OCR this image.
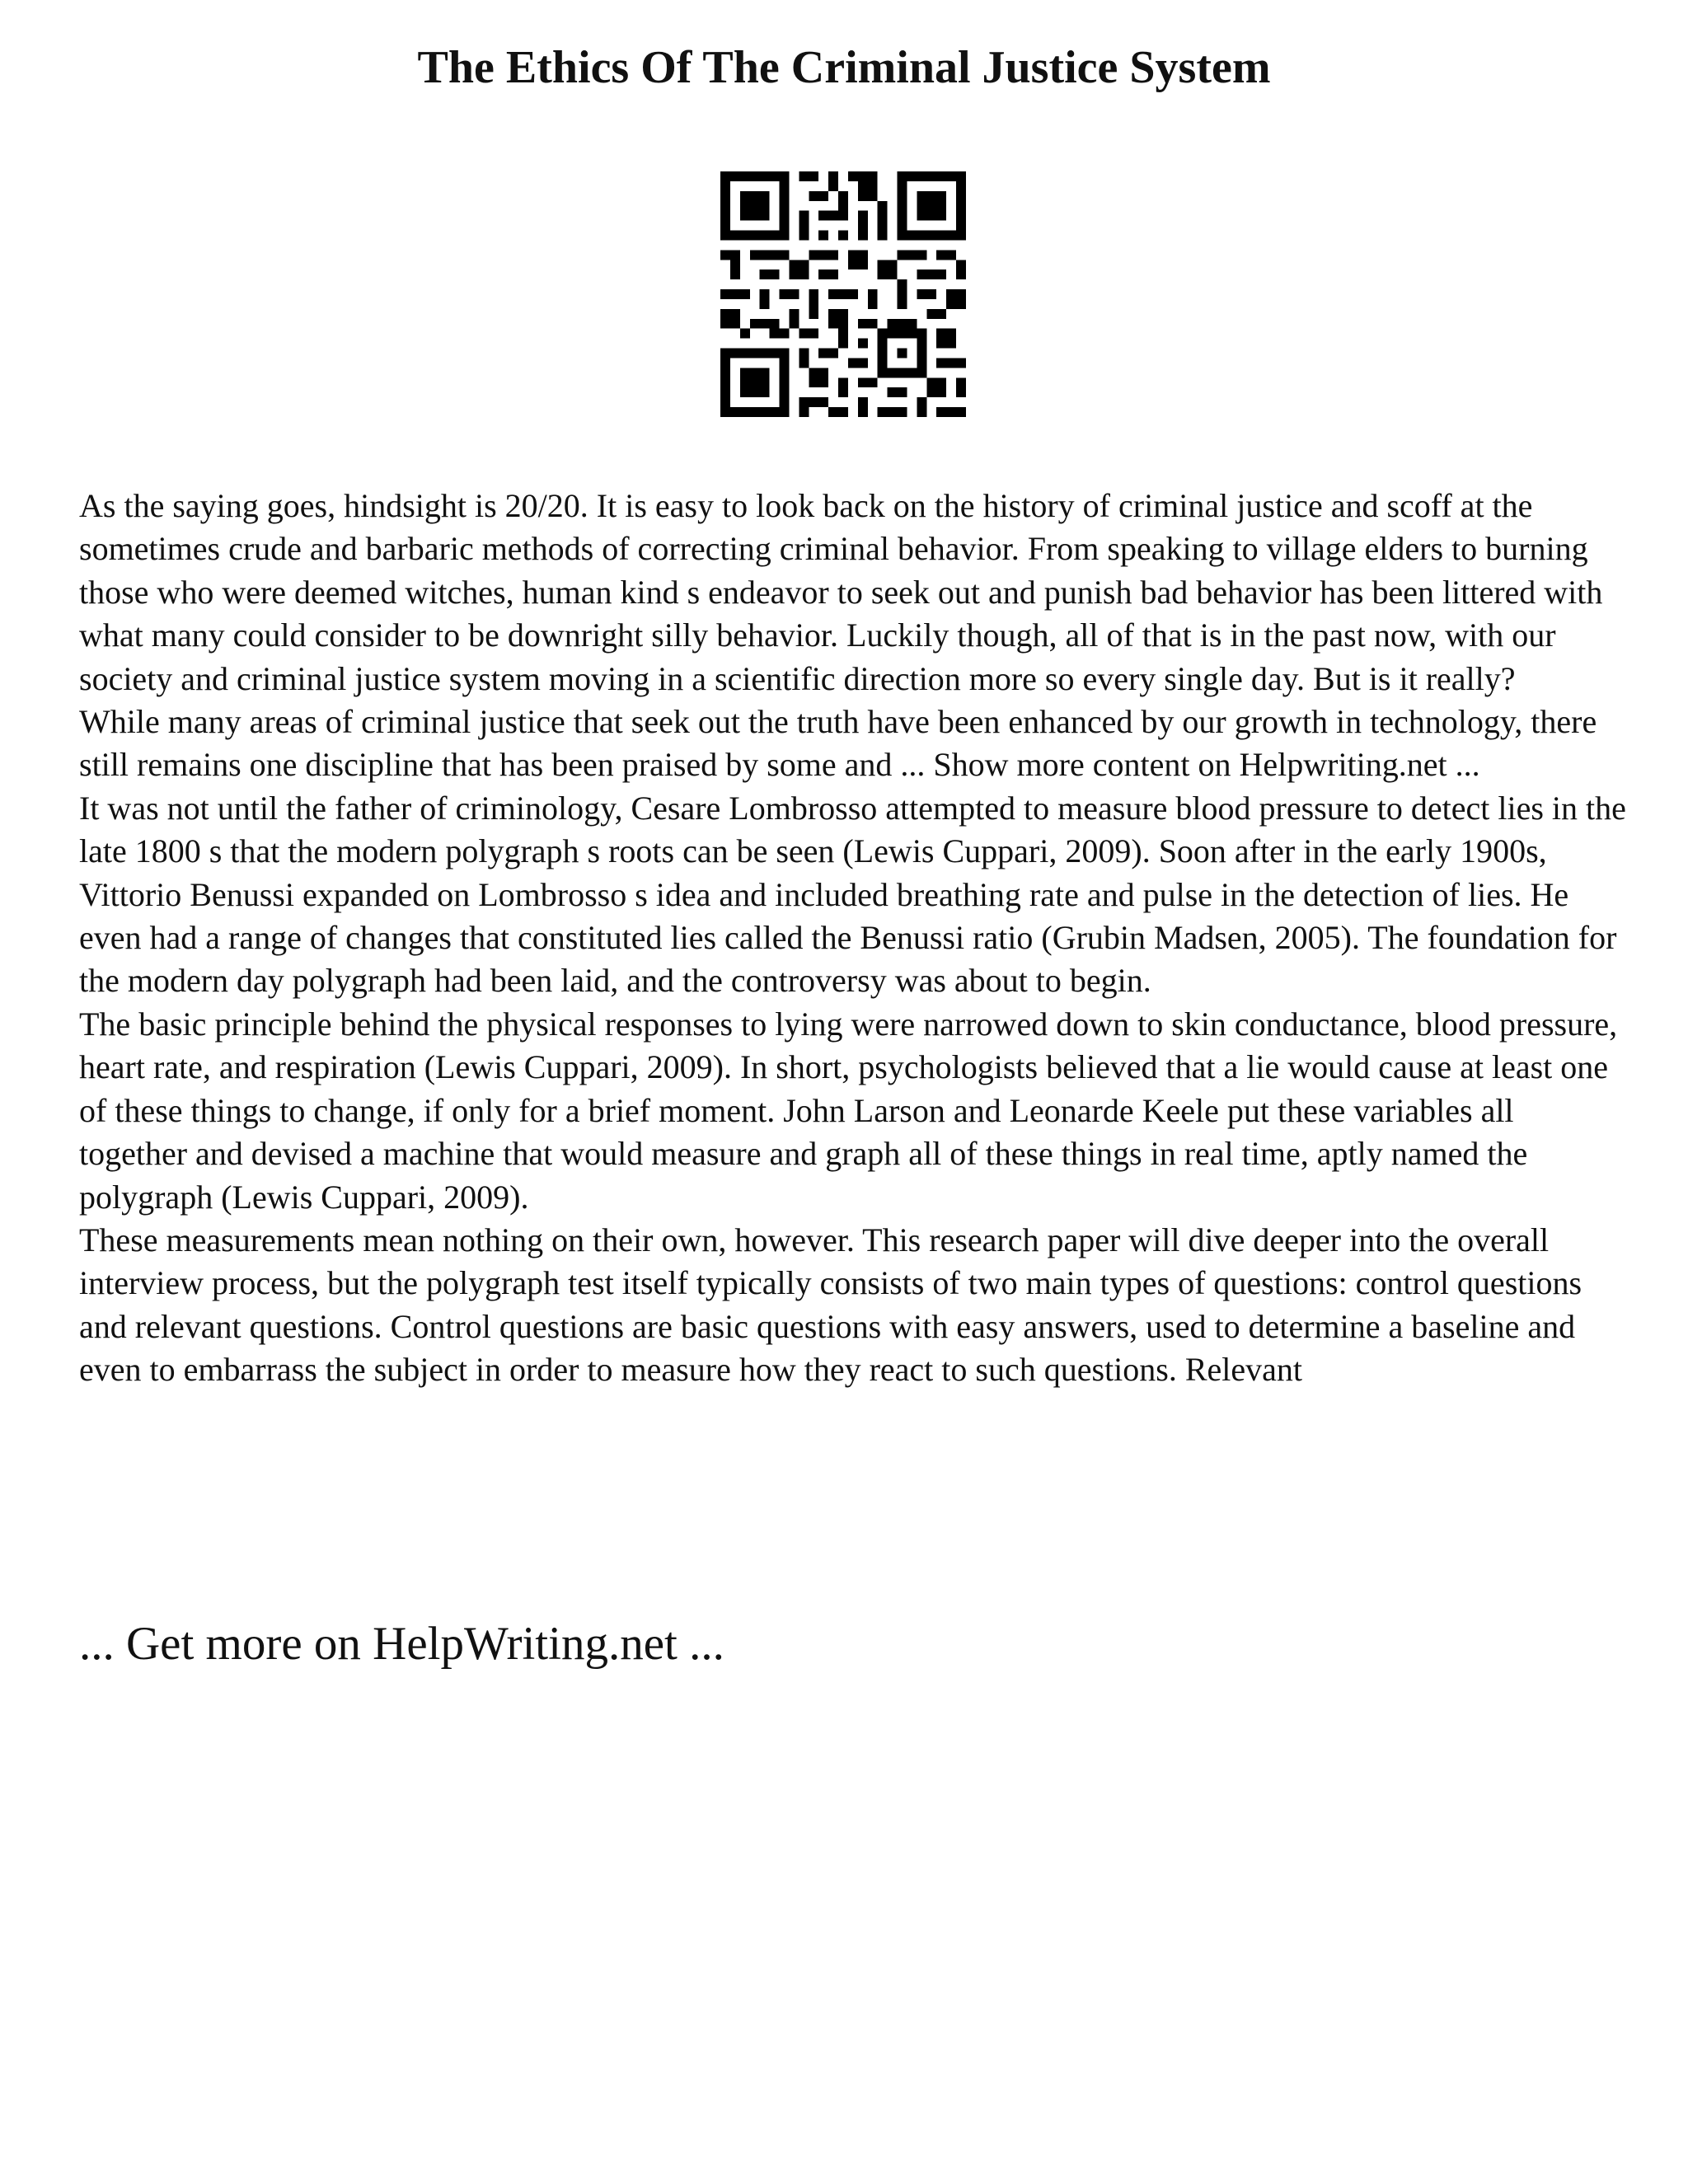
The Ethics Of The Criminal Justice System

As the saying goes, hindsight is 20/20. It is easy to look back on the history of criminal justice and scoff at the sometimes crude and barbaric methods of correcting criminal behavior. From speaking to village elders to burning those who were deemed witches, human kind s endeavor to seek out and punish bad behavior has been littered with what many could consider to be downright silly behavior. Luckily though, all of that is in the past now, with our society and criminal justice system moving in a scientific direction more so every single day. But is it really?

While many areas of criminal justice that seek out the truth have been enhanced by our growth in technology, there still remains one discipline that has been praised by some and ... Show more content on Helpwriting.net ...

It was not until the father of criminology, Cesare Lombrosso attempted to measure blood pressure to detect lies in the late 1800 s that the modern polygraph s roots can be seen (Lewis Cuppari, 2009). Soon after in the early 1900s, Vittorio Benussi expanded on Lombrosso s idea and included breathing rate and pulse in the detection of lies. He even had a range of changes that constituted lies called the Benussi ratio (Grubin Madsen, 2005). The foundation for the modern day polygraph had been laid, and the controversy was about to begin.

The basic principle behind the physical responses to lying were narrowed down to skin conductance, blood pressure, heart rate, and respiration (Lewis Cuppari, 2009). In short, psychologists believed that a lie would cause at least one of these things to change, if only for a brief moment. John Larson and Leonarde Keele put these variables all together and devised a machine that would measure and graph all of these things in real time, aptly named the polygraph (Lewis Cuppari, 2009).

These measurements mean nothing on their own, however. This research paper will dive deeper into the overall interview process, but the polygraph test itself typically consists of two main types of questions: control questions and relevant questions. Control questions are basic questions with easy answers, used to determine a baseline and even to embarrass the subject in order to measure how they react to such questions. Relevant

... Get more on HelpWriting.net ...
